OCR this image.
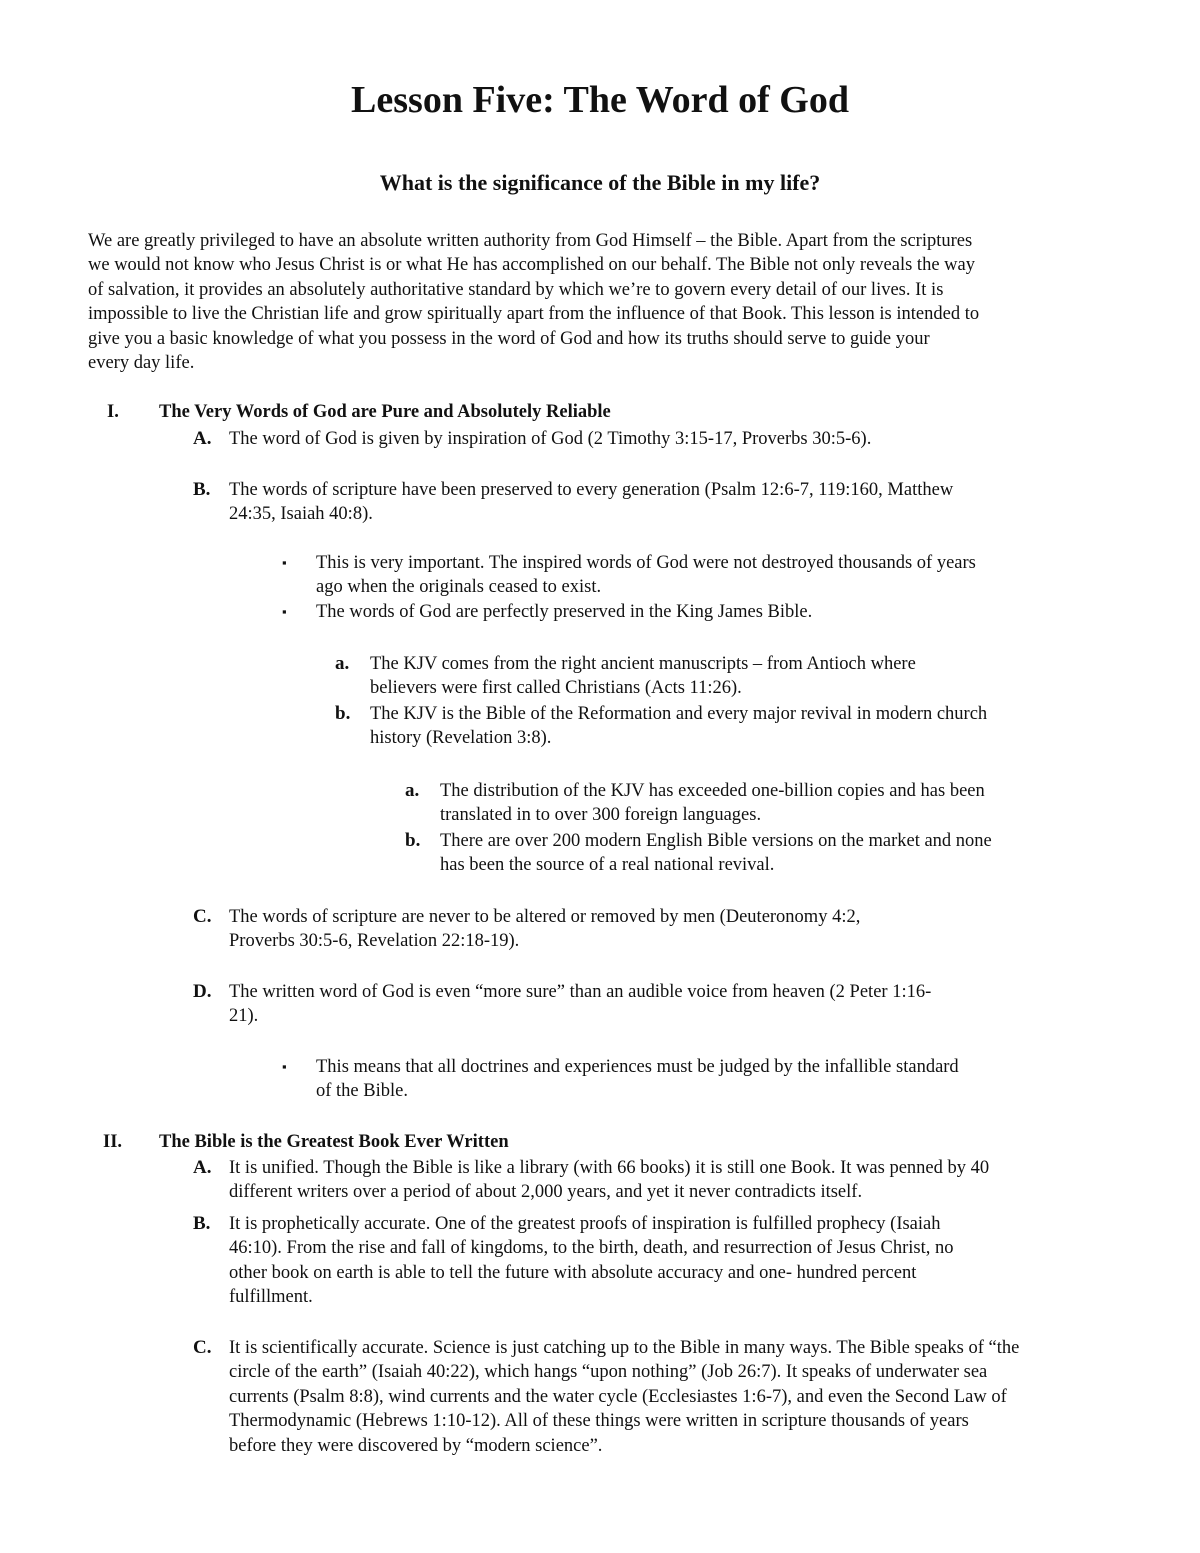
Lesson Five: The Word of God
What is the significance of the Bible in my life?
We are greatly privileged to have an absolute written authority from God Himself – the Bible. Apart from the scriptures
we would not know who Jesus Christ is or what He has accomplished on our behalf. The Bible not only reveals the way
of salvation, it provides an absolutely authoritative standard by which we’re to govern every detail of our lives. It is
impossible to live the Christian life and grow spiritually apart from the influence of that Book. This lesson is intended to
give you a basic knowledge of what you possess in the word of God and how its truths should serve to guide your
every day life.
I. The Very Words of God are Pure and Absolutely Reliable
A. The word of God is given by inspiration of God (2 Timothy 3:15-17, Proverbs 30:5-6).
B. The words of scripture have been preserved to every generation (Psalm 12:6-7, 119:160, Matthew
24:35, Isaiah 40:8).
▪ This is very important. The inspired words of God were not destroyed thousands of years
ago when the originals ceased to exist.
▪ The words of God are perfectly preserved in the King James Bible.
a. The KJV comes from the right ancient manuscripts – from Antioch where
believers were first called Christians (Acts 11:26).
b. The KJV is the Bible of the Reformation and every major revival in modern church
history (Revelation 3:8).
a. The distribution of the KJV has exceeded one-billion copies and has been
translated in to over 300 foreign languages.
b. There are over 200 modern English Bible versions on the market and none
has been the source of a real national revival.
C. The words of scripture are never to be altered or removed by men (Deuteronomy 4:2,
Proverbs 30:5-6, Revelation 22:18-19).
D. The written word of God is even “more sure” than an audible voice from heaven (2 Peter 1:16-
21).
▪ This means that all doctrines and experiences must be judged by the infallible standard
of the Bible.
II. The Bible is the Greatest Book Ever Written
A. It is unified. Though the Bible is like a library (with 66 books) it is still one Book. It was penned by 40
different writers over a period of about 2,000 years, and yet it never contradicts itself.
B. It is prophetically accurate. One of the greatest proofs of inspiration is fulfilled prophecy (Isaiah
46:10). From the rise and fall of kingdoms, to the birth, death, and resurrection of Jesus Christ, no
other book on earth is able to tell the future with absolute accuracy and one- hundred percent
fulfillment.
C. It is scientifically accurate. Science is just catching up to the Bible in many ways. The Bible speaks of “the
circle of the earth” (Isaiah 40:22), which hangs “upon nothing” (Job 26:7). It speaks of underwater sea
currents (Psalm 8:8), wind currents and the water cycle (Ecclesiastes 1:6-7), and even the Second Law of
Thermodynamic (Hebrews 1:10-12). All of these things were written in scripture thousands of years
before they were discovered by “modern science”.
